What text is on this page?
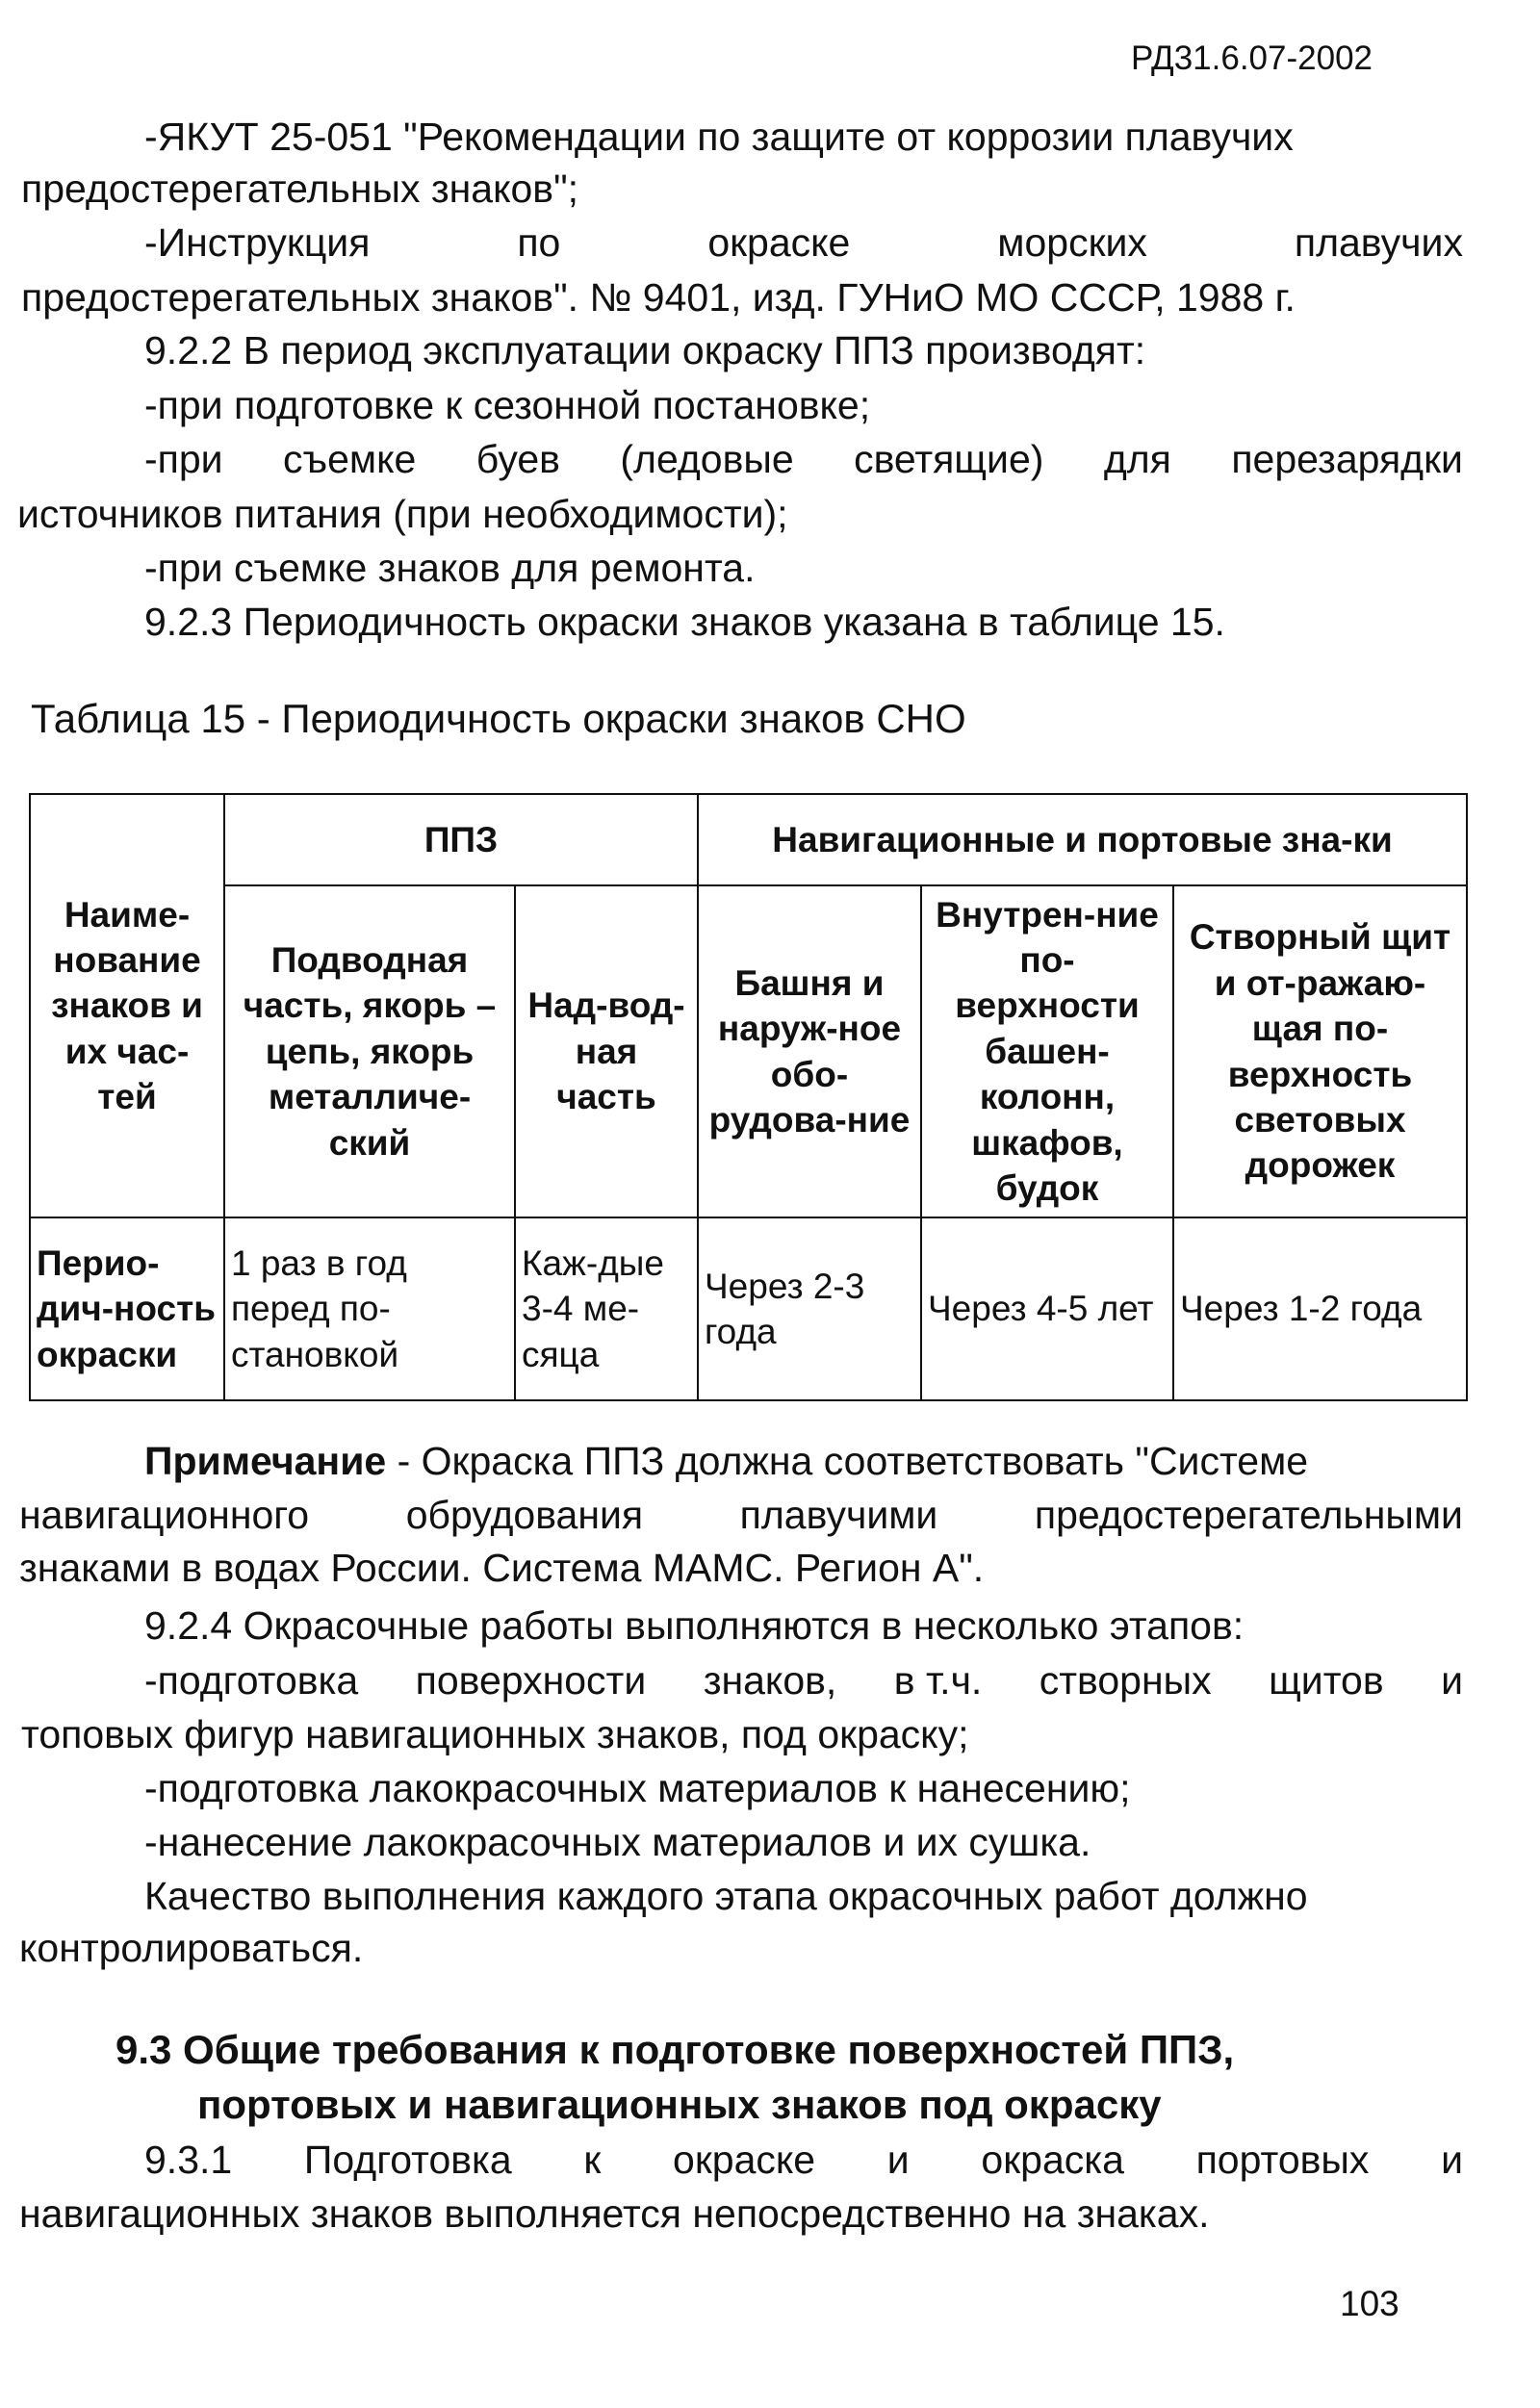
РД31.6.07-2002
-ЯКУТ 25-051 "Рекомендации по защите от коррозии плавучих
предостерегательных знаков";
-Инструкция	по	окраске	морских	плавучих
предостерегательных знаков". № 9401, изд. ГУНиО МО СССР, 1988 г.
9.2.2 В период эксплуатации окраску ППЗ производят:
-при подготовке к сезонной постановке;
-при съемке буев (ледовые светящие) для перезарядки
источников питания (при необходимости);
-при съемке знаков для ремонта.
9.2.3 Периодичность окраски знаков указана в таблице 15.
Таблица 15 - Периодичность окраски знаков СНО
Наиме-нование знаков и их час-тей	ППЗ		Навигационные и портовые зна-ки		
	Подводная часть, якорь – цепь, якорь металличе-ский	Над-вод-ная часть	Башня и наруж-ное обо-рудова-ние	Внутрен-ние по-верхности башен-колонн, шкафов, будок	Створный щит и от-ражаю-щая по-верхность световых дорожек
Перио-дич-ность окраски	1 раз в год перед по-становкой	Каж-дые 3-4 ме-сяца	Через 2-3 года	Через 4-5 лет	Через 1-2 года
Примечание - Окраска ППЗ должна соответствовать "Системе
навигационного обрудования плавучими предостерегательными
знаками в водах России. Система МАМС. Регион А".
9.2.4 Окрасочные работы выполняются в несколько этапов:
-подготовка поверхности знаков, в т.ч. створных щитов и
топовых фигур навигационных знаков, под окраску;
-подготовка лакокрасочных материалов к нанесению;
-нанесение лакокрасочных материалов и их сушка.
Качество выполнения каждого этапа окрасочных работ должно
контролироваться.
9.3 Общие требования к подготовке поверхностей ППЗ,
портовых и навигационных знаков под окраску
9.3.1 Подготовка к окраске и окраска портовых и
навигационных знаков выполняется непосредственно на знаках.
103
